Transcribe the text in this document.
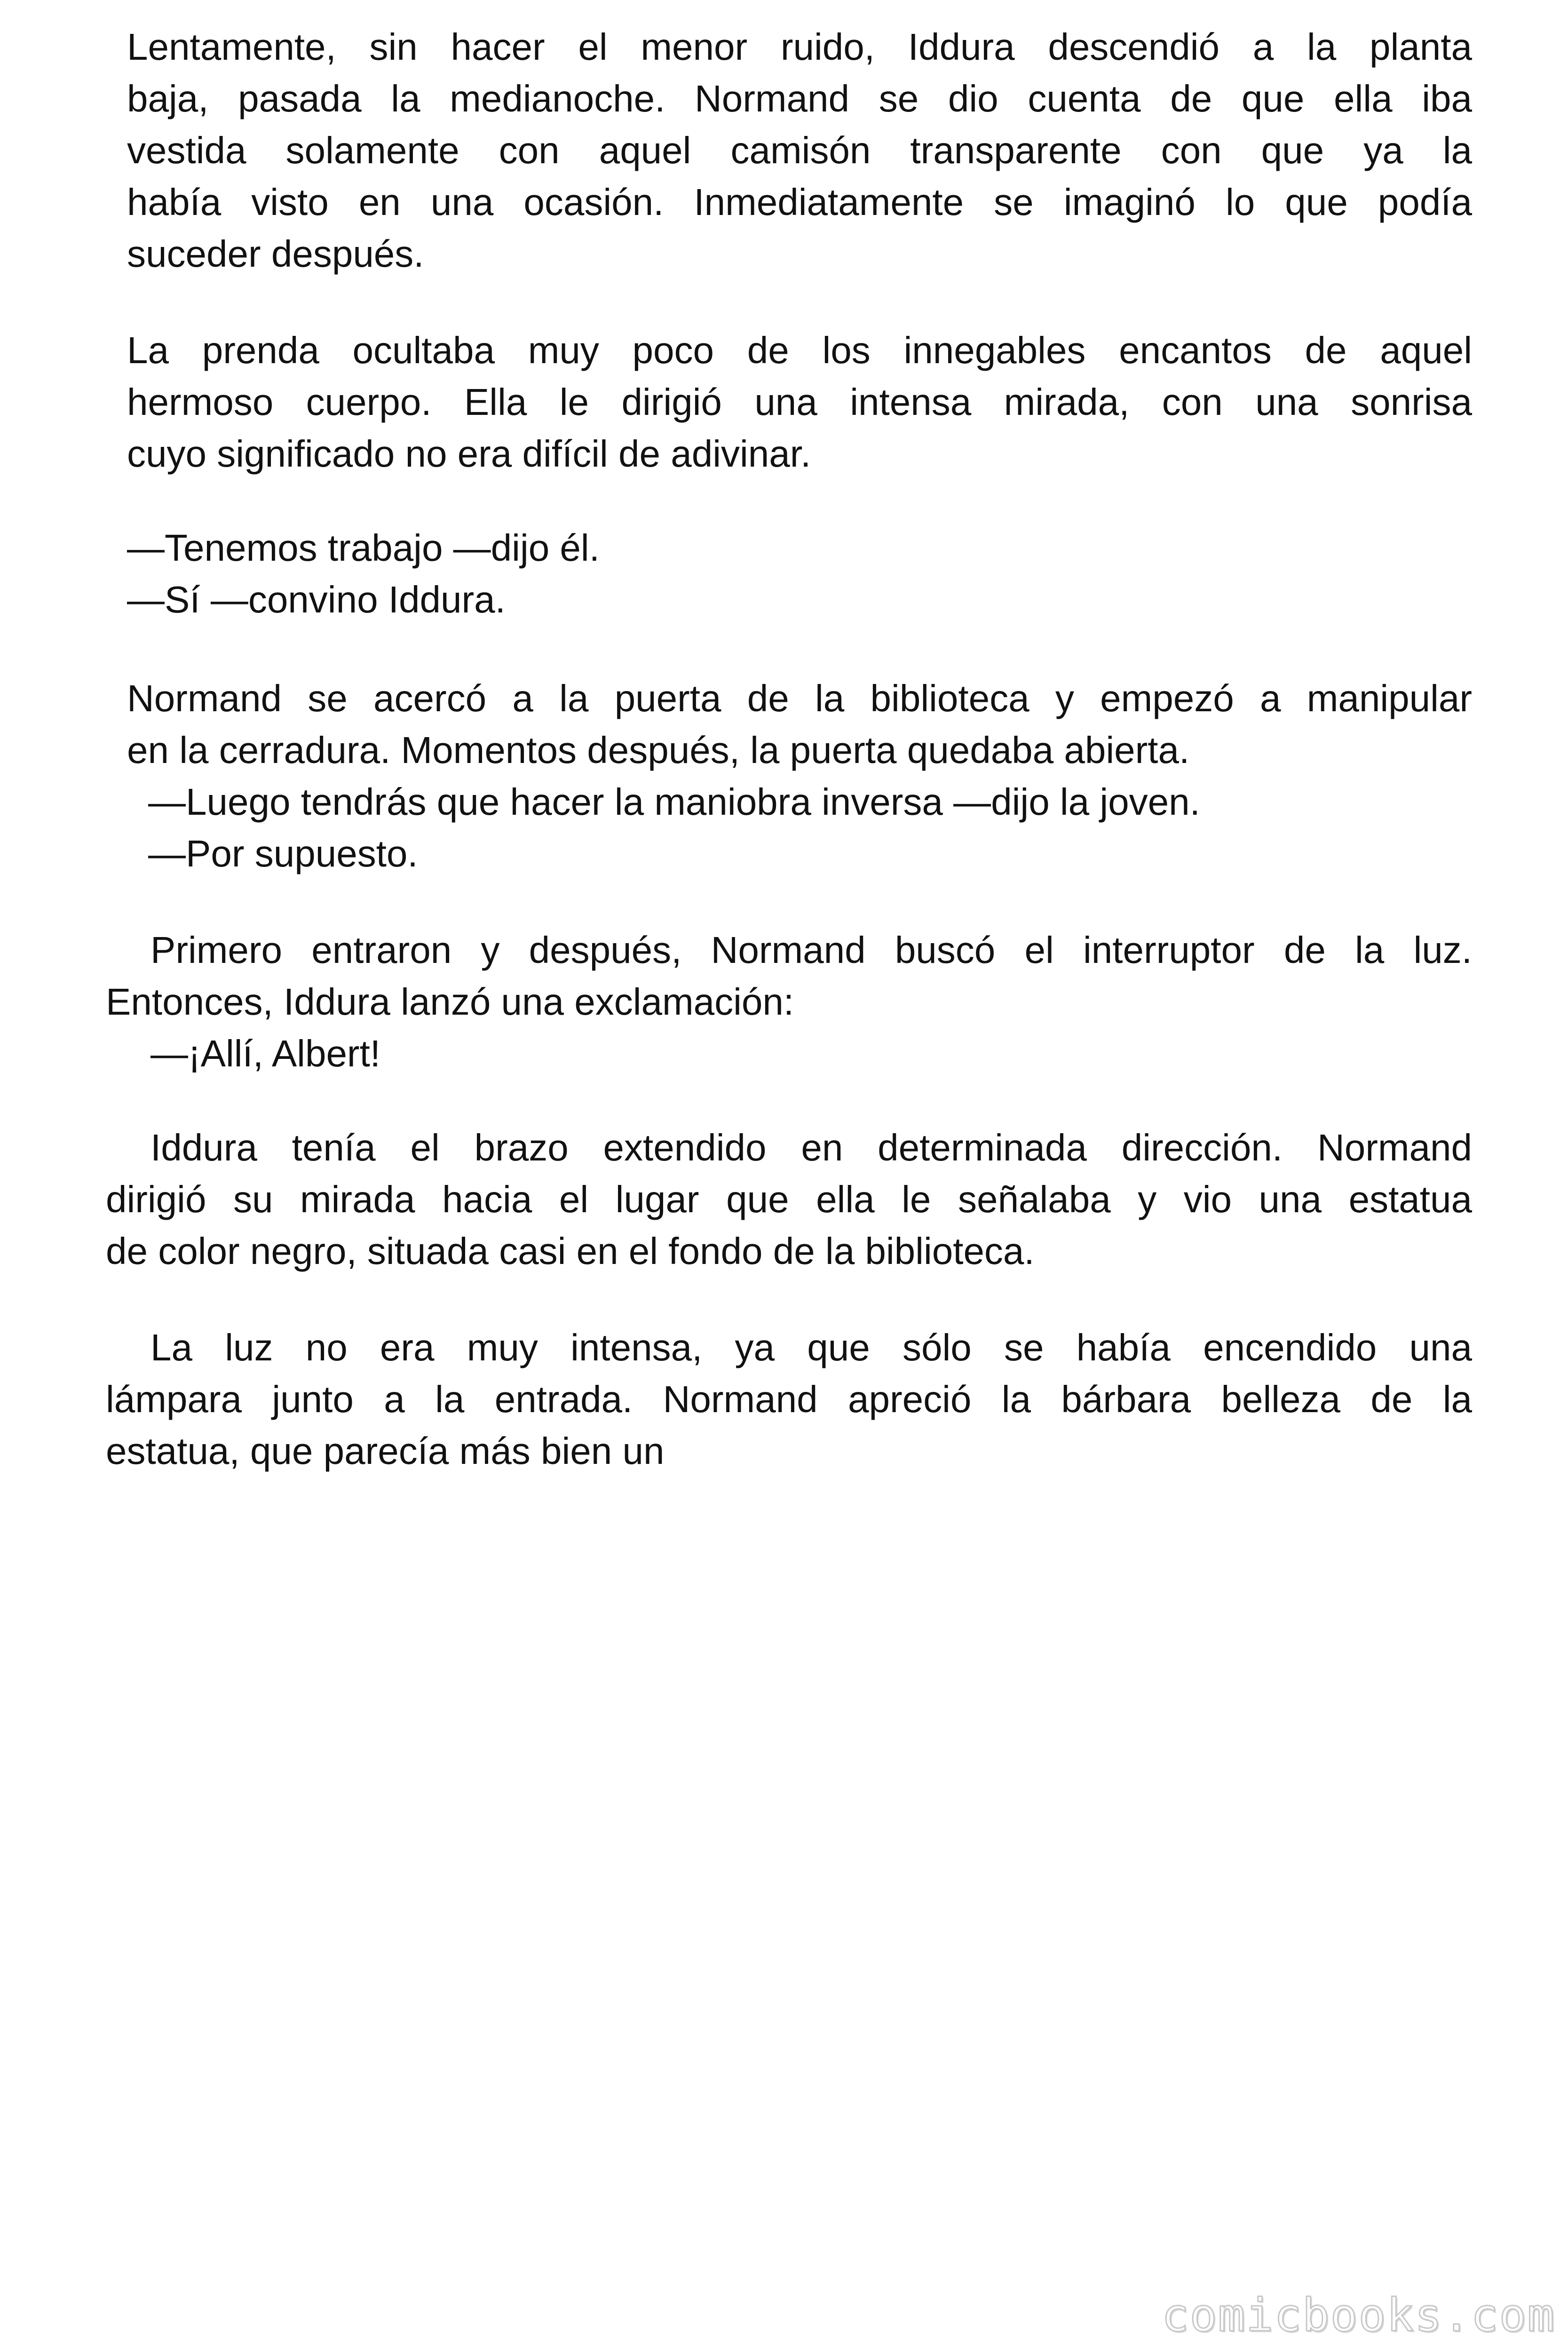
Lentamente, sin hacer el menor ruido, Iddura descendió a la planta
baja, pasada la medianoche. Normand se dio cuenta de que ella iba
vestida solamente con aquel camisón transparente con que ya la
había visto en una ocasión. Inmediatamente se imaginó lo que podía
suceder después.
La prenda ocultaba muy poco de los innegables encantos de aquel
hermoso cuerpo. Ella le dirigió una intensa mirada, con una sonrisa
cuyo significado no era difícil de adivinar.
—Tenemos trabajo —dijo él.
—Sí —convino Iddura.
Normand se acercó a la puerta de la biblioteca y empezó a manipular
en la cerradura. Momentos después, la puerta quedaba abierta.
—Luego tendrás que hacer la maniobra inversa —dijo la joven.
—Por supuesto.
Primero entraron y después, Normand buscó el interruptor de la luz.
Entonces, Iddura lanzó una exclamación:
—¡Allí, Albert!
Iddura tenía el brazo extendido en determinada dirección. Normand
dirigió su mirada hacia el lugar que ella le señalaba y vio una estatua
de color negro, situada casi en el fondo de la biblioteca.
La luz no era muy intensa, ya que sólo se había encendido una
lámpara junto a la entrada. Normand apreció la bárbara belleza de la
estatua, que parecía más bien un
comicbooks.com
